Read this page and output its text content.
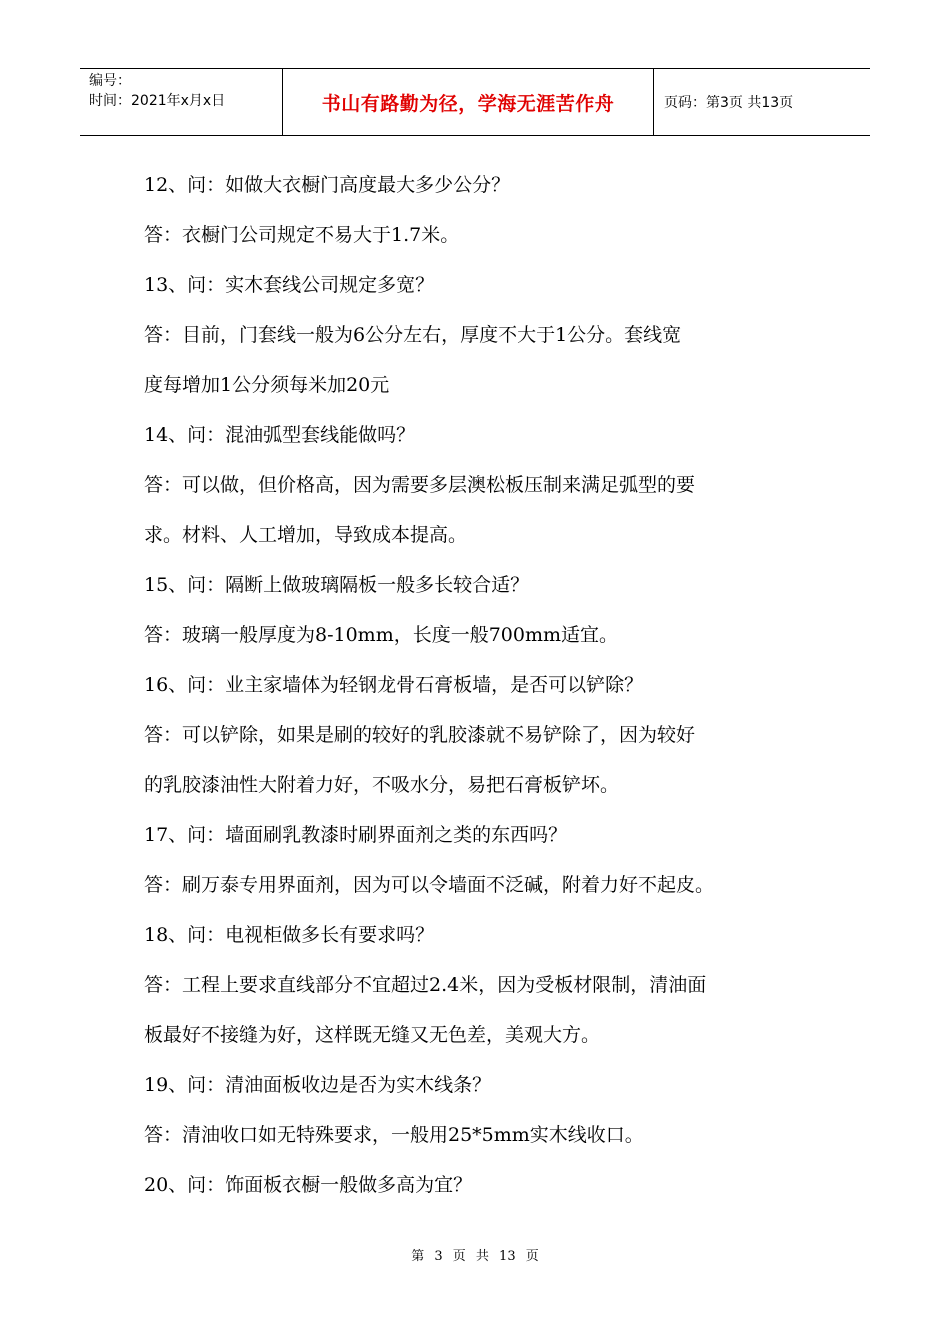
编号：
时间：2021年x月x日	书山有路勤为径，学海无涯苦作舟	页码：第3页 共13页
12、问：如做大衣橱门高度最大多少公分？
答：衣橱门公司规定不易大于1.7米。
13、问：实木套线公司规定多宽？
答：目前，门套线一般为6公分左右，厚度不大于1公分。套线宽
度每增加1公分须每米加20元
14、问：混油弧型套线能做吗？
答：可以做，但价格高，因为需要多层澳松板压制来满足弧型的要
求。材料、人工增加，导致成本提高。
15、问：隔断上做玻璃隔板一般多长较合适？
答：玻璃一般厚度为8-10mm，长度一般700mm适宜。
16、问：业主家墙体为轻钢龙骨石膏板墙，是否可以铲除？
答：可以铲除，如果是刷的较好的乳胶漆就不易铲除了，因为较好
的乳胶漆油性大附着力好，不吸水分，易把石膏板铲坏。
17、问：墙面刷乳教漆时刷界面剂之类的东西吗？
答：刷万泰专用界面剂，因为可以令墙面不泛碱，附着力好不起皮。
18、问：电视柜做多长有要求吗？
答：工程上要求直线部分不宜超过2.4米，因为受板材限制，清油面
板最好不接缝为好，这样既无缝又无色差，美观大方。
19、问：清油面板收边是否为实木线条？
答：清油收口如无特殊要求，一般用25*5mm实木线收口。
20、问：饰面板衣橱一般做多高为宜？
第 3 页 共 13 页
